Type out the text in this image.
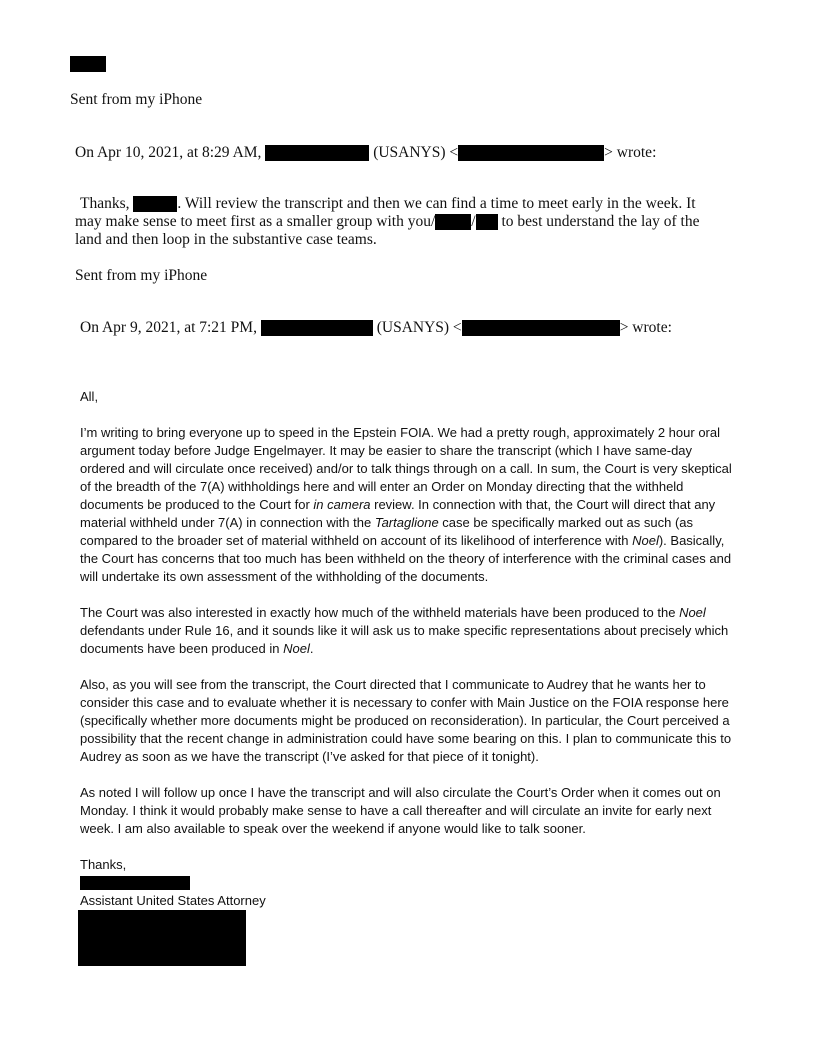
Sent from my iPhone
On Apr 10, 2021, at 8:29 AM,	(USANYS) <	> wrote:
Thanks,	. Will review the transcript and then we can find a time to meet early in the week. It
may make sense to meet first as a smaller group with you/ / to best understand the lay of the
land and then loop in the substantive case teams.
Sent from my iPhone
On Apr 9, 2021, at 7:21 PM,	(USANYS) <	> wrote:
All,

I’m writing to bring everyone up to speed in the Epstein FOIA. We had a pretty rough, approximately 2 hour oral argument today before Judge Engelmayer. It may be easier to share the transcript (which I have same-day ordered and will circulate once received) and/or to talk things through on a call. In sum, the Court is very skeptical of the breadth of the 7(A) withholdings here and will enter an Order on Monday directing that the withheld documents be produced to the Court for in camera review. In connection with that, the Court will direct that any material withheld under 7(A) in connection with the Tartaglione case be specifically marked out as such (as compared to the broader set of material withheld on account of its likelihood of interference with Noel). Basically, the Court has concerns that too much has been withheld on the theory of interference with the criminal cases and will undertake its own assessment of the withholding of the documents.

The Court was also interested in exactly how much of the withheld materials have been produced to the Noel defendants under Rule 16, and it sounds like it will ask us to make specific representations about precisely which documents have been produced in Noel.

Also, as you will see from the transcript, the Court directed that I communicate to Audrey that he wants her to consider this case and to evaluate whether it is necessary to confer with Main Justice on the FOIA response here (specifically whether more documents might be produced on reconsideration). In particular, the Court perceived a possibility that the recent change in administration could have some bearing on this. I plan to communicate this to Audrey as soon as we have the transcript (I’ve asked for that piece of it tonight).

As noted I will follow up once I have the transcript and will also circulate the Court’s Order when it comes out on Monday. I think it would probably make sense to have a call thereafter and will circulate an invite for early next week. I am also available to speak over the weekend if anyone would like to talk sooner.

Thanks,
Assistant United States Attorney
